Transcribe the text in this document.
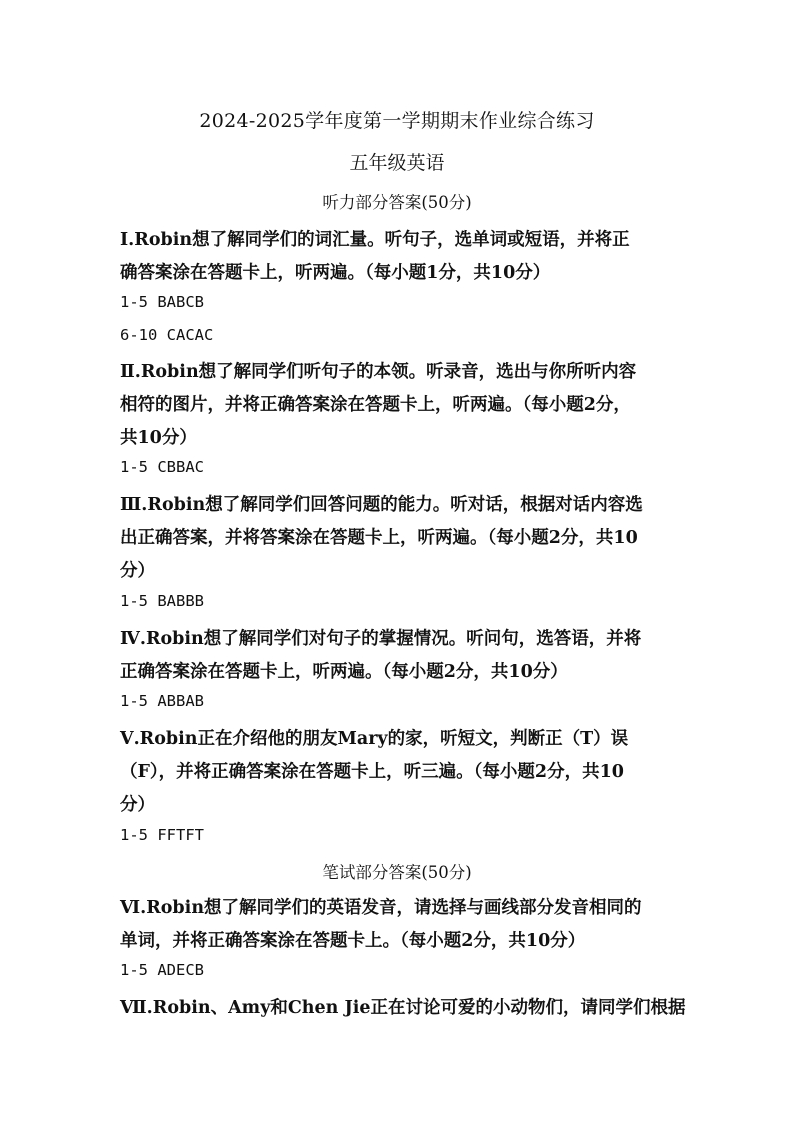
2024-2025学年度第一学期期末作业综合练习
五年级英语
听力部分答案(50分)
Ⅰ.Robin想了解同学们的词汇量。听句子，选单词或短语，并将正
确答案涂在答题卡上，听两遍。（每小题1分，共10分）
1-5 BABCB
6-10 CACAC
Ⅱ.Robin想了解同学们听句子的本领。听录音，选出与你所听内容
相符的图片，并将正确答案涂在答题卡上，听两遍。（每小题2分，
共10分）
1-5 CBBAC
Ⅲ.Robin想了解同学们回答问题的能力。听对话，根据对话内容选
出正确答案，并将答案涂在答题卡上，听两遍。（每小题2分，共10
分）
1-5 BABBB
Ⅳ.Robin想了解同学们对句子的掌握情况。听问句，选答语，并将
正确答案涂在答题卡上，听两遍。（每小题2分，共10分）
1-5 ABBAB
Ⅴ.Robin正在介绍他的朋友Mary的家，听短文，判断正（T）误
（F），并将正确答案涂在答题卡上，听三遍。（每小题2分，共10
分）
1-5 FFTFT
笔试部分答案(50分)
Ⅵ.Robin想了解同学们的英语发音，请选择与画线部分发音相同的
单词，并将正确答案涂在答题卡上。（每小题2分，共10分）
1-5 ADECB
Ⅶ.Robin、Amy和Chen Jie正在讨论可爱的小动物们，请同学们根据
